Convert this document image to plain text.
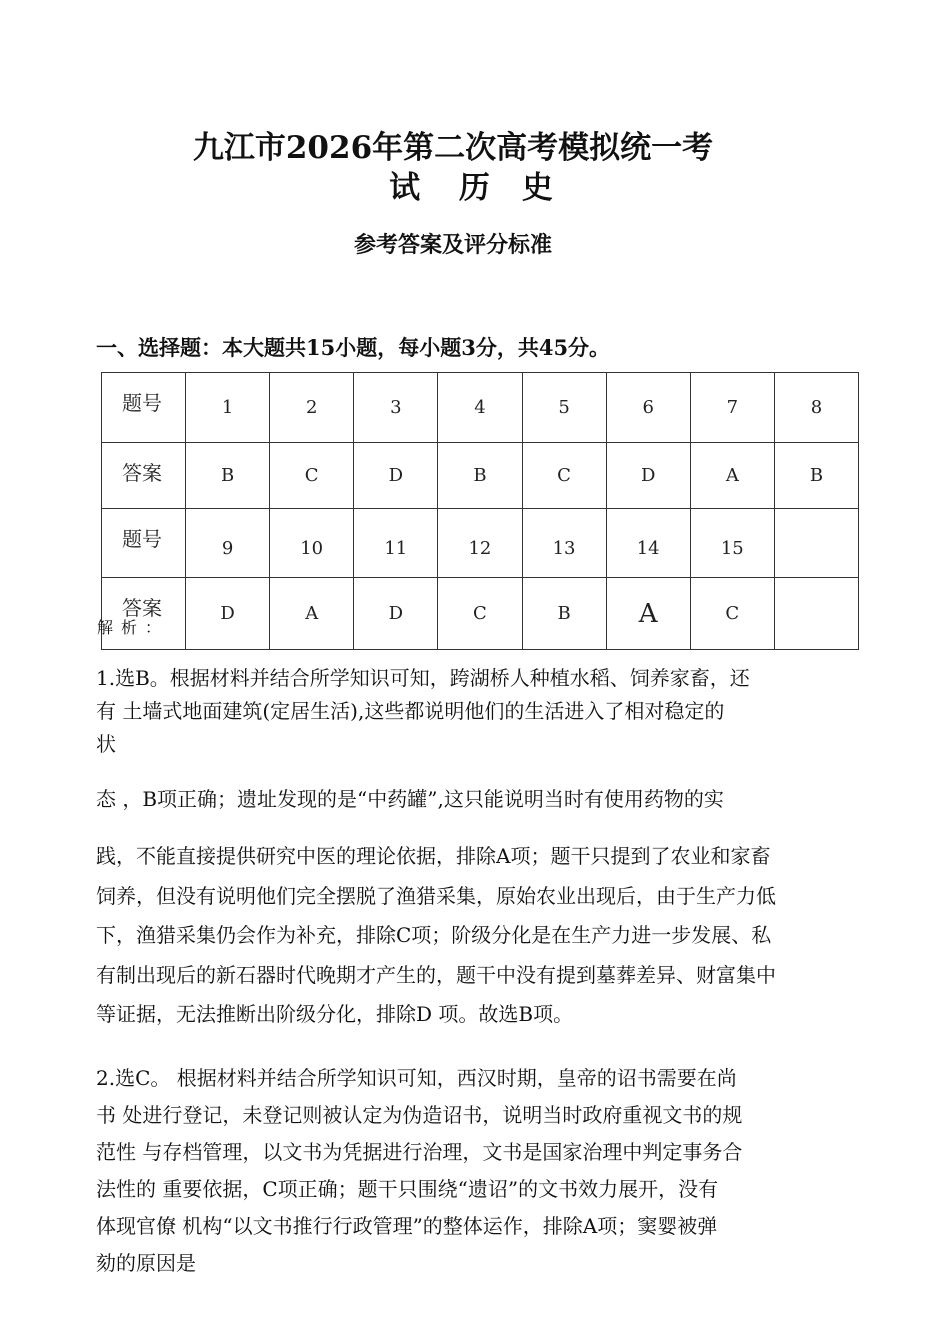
九江市2026年第二次高考模拟统一考
试 历 史
参考答案及评分标准
一、选择题：本大题共15小题，每小题3分，共45分。
题号	1	2	3	4	5	6	7	8
答案	B	C	D	B	C	D	A	B
题号	9	10	11	12	13	14	15	
答案	D	A	D	C	B	A	C	
解析：
1.选B。根据材料并结合所学知识可知，跨湖桥人种植水稻、饲养家畜，还
有 土墙式地面建筑(定居生活),这些都说明他们的生活进入了相对稳定的
状
态 ，B项正确；遗址发现的是“中药罐”,这只能说明当时有使用药物的实
践，不能直接提供研究中医的理论依据，排除A项；题干只提到了农业和家畜
饲养，但没有说明他们完全摆脱了渔猎采集，原始农业出现后，由于生产力低
下，渔猎采集仍会作为补充，排除C项；阶级分化是在生产力进一步发展、私
有制出现后的新石器时代晚期才产生的，题干中没有提到墓葬差异、财富集中
等证据，无法推断出阶级分化，排除D 项。故选B项。
2.选C。 根据材料并结合所学知识可知，西汉时期，皇帝的诏书需要在尚
书 处进行登记，未登记则被认定为伪造诏书，说明当时政府重视文书的规
范性 与存档管理，以文书为凭据进行治理，文书是国家治理中判定事务合
法性的 重要依据，C项正确；题干只围绕“遗诏”的文书效力展开，没有
体现官僚 机构“以文书推行行政管理”的整体运作，排除A项；窦婴被弹
劾的原因是
